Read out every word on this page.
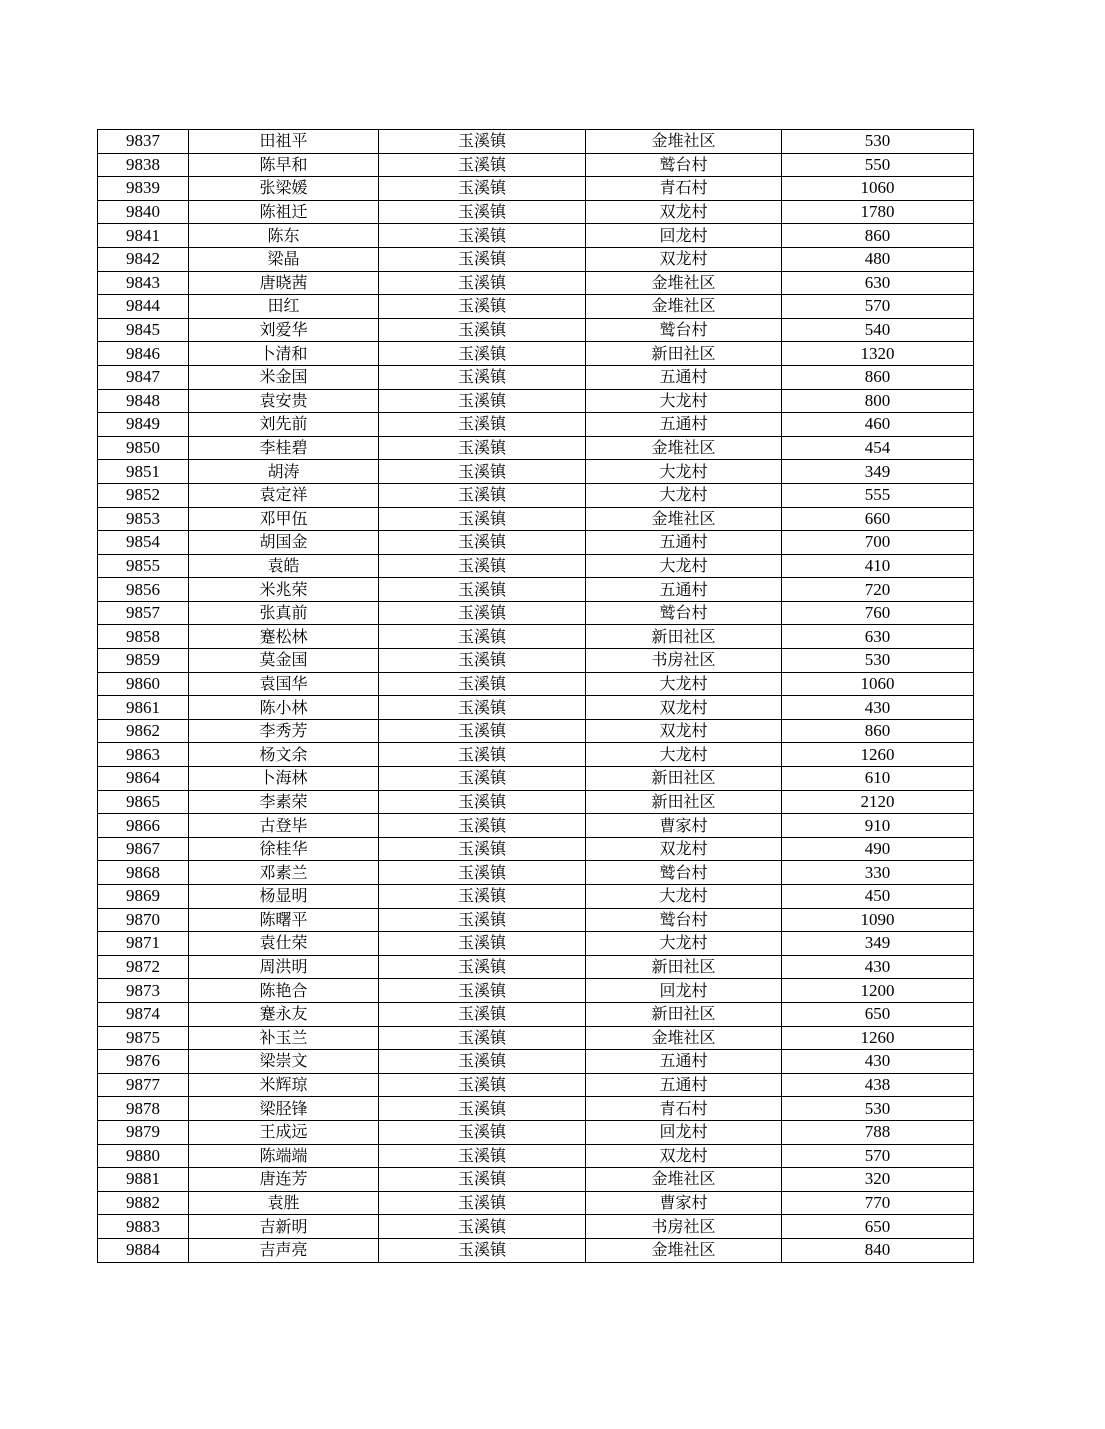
9837	田祖平	玉溪镇	金堆社区	530
9838	陈早和	玉溪镇	鹫台村	550
9839	张梁媛	玉溪镇	青石村	1060
9840	陈祖迁	玉溪镇	双龙村	1780
9841	陈东	玉溪镇	回龙村	860
9842	梁晶	玉溪镇	双龙村	480
9843	唐晓茜	玉溪镇	金堆社区	630
9844	田红	玉溪镇	金堆社区	570
9845	刘爱华	玉溪镇	鹫台村	540
9846	卜清和	玉溪镇	新田社区	1320
9847	米金国	玉溪镇	五通村	860
9848	袁安贵	玉溪镇	大龙村	800
9849	刘先前	玉溪镇	五通村	460
9850	李桂碧	玉溪镇	金堆社区	454
9851	胡涛	玉溪镇	大龙村	349
9852	袁定祥	玉溪镇	大龙村	555
9853	邓甲伍	玉溪镇	金堆社区	660
9854	胡国金	玉溪镇	五通村	700
9855	袁皓	玉溪镇	大龙村	410
9856	米兆荣	玉溪镇	五通村	720
9857	张真前	玉溪镇	鹫台村	760
9858	蹇松林	玉溪镇	新田社区	630
9859	莫金国	玉溪镇	书房社区	530
9860	袁国华	玉溪镇	大龙村	1060
9861	陈小林	玉溪镇	双龙村	430
9862	李秀芳	玉溪镇	双龙村	860
9863	杨文余	玉溪镇	大龙村	1260
9864	卜海林	玉溪镇	新田社区	610
9865	李素荣	玉溪镇	新田社区	2120
9866	古登毕	玉溪镇	曹家村	910
9867	徐桂华	玉溪镇	双龙村	490
9868	邓素兰	玉溪镇	鹫台村	330
9869	杨显明	玉溪镇	大龙村	450
9870	陈曙平	玉溪镇	鹫台村	1090
9871	袁仕荣	玉溪镇	大龙村	349
9872	周洪明	玉溪镇	新田社区	430
9873	陈艳合	玉溪镇	回龙村	1200
9874	蹇永友	玉溪镇	新田社区	650
9875	补玉兰	玉溪镇	金堆社区	1260
9876	梁崇文	玉溪镇	五通村	430
9877	米辉琼	玉溪镇	五通村	438
9878	梁胫锋	玉溪镇	青石村	530
9879	王成远	玉溪镇	回龙村	788
9880	陈端端	玉溪镇	双龙村	570
9881	唐连芳	玉溪镇	金堆社区	320
9882	袁胜	玉溪镇	曹家村	770
9883	吉新明	玉溪镇	书房社区	650
9884	吉声亮	玉溪镇	金堆社区	840
